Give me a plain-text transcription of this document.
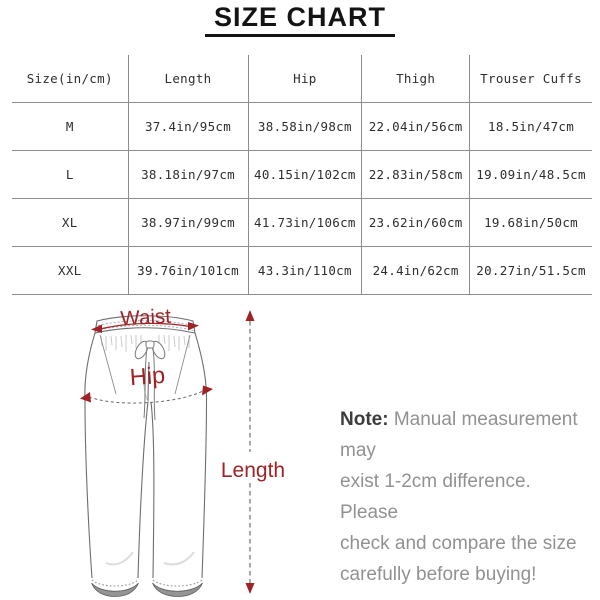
SIZE CHART
Size(in/cm)	Length	Hip	Thigh	Trouser Cuffs
M	37.4in/95cm	38.58in/98cm	22.04in/56cm	18.5in/47cm
L	38.18in/97cm	40.15in/102cm	22.83in/58cm	19.09in/48.5cm
XL	38.97in/99cm	41.73in/106cm	23.62in/60cm	19.68in/50cm
XXL	39.76in/101cm	43.3in/110cm	24.4in/62cm	20.27in/51.5cm
Waist
Hip
Length
Note: Manual measurement may
exist 1-2cm difference. Please
check and compare the size
carefully before buying!
